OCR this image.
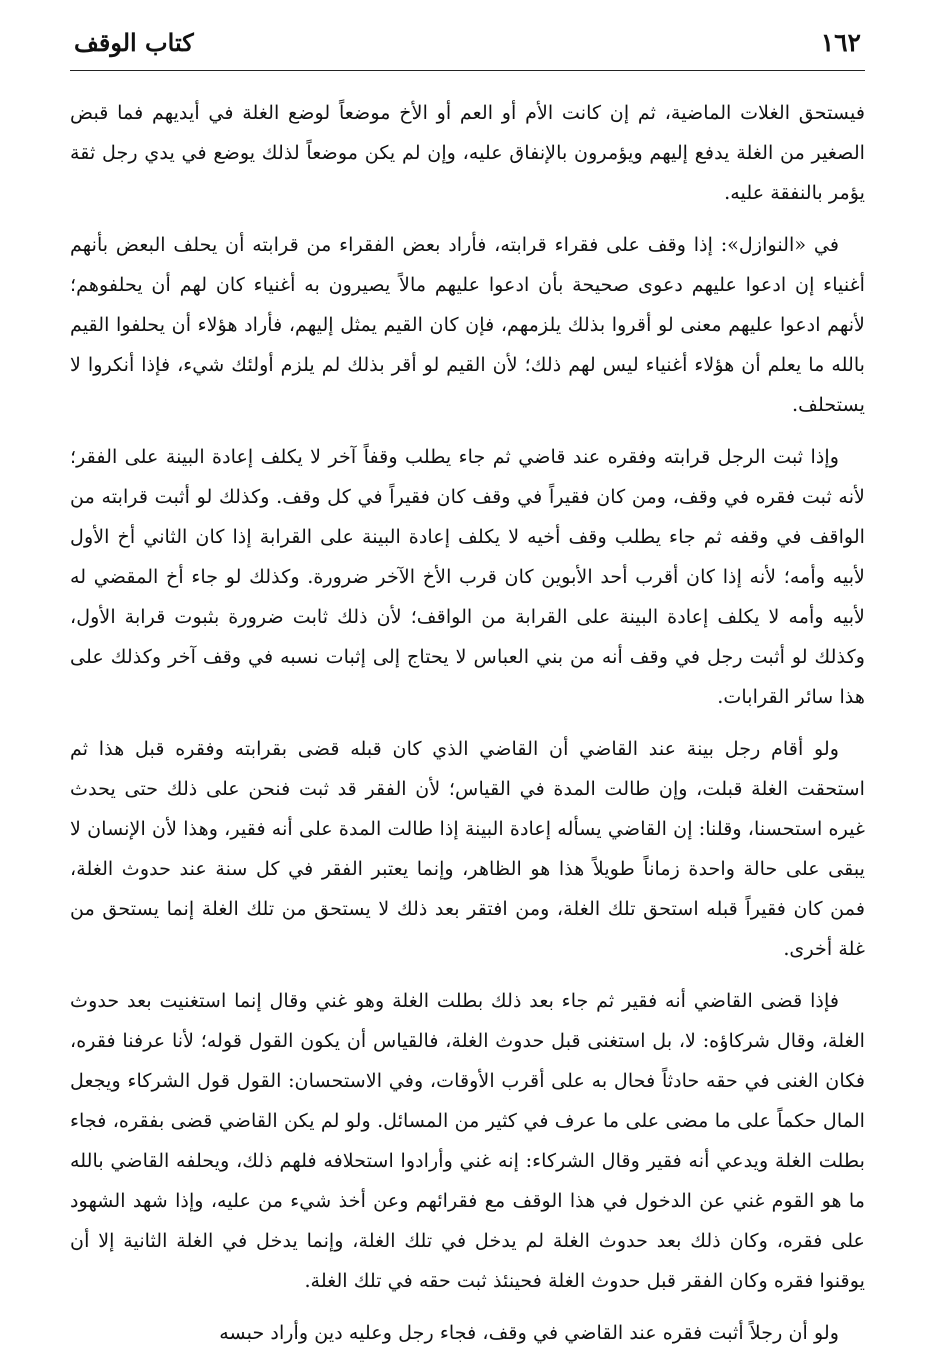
١٦٢
كتاب الوقف

فيستحق الغلات الماضية، ثم إن كانت الأم أو العم أو الأخ موضعاً لوضع الغلة في أيديهم فما قبض الصغير من الغلة يدفع إليهم ويؤمرون بالإنفاق عليه، وإن لم يكن موضعاً لذلك يوضع في يدي رجل ثقة يؤمر بالنفقة عليه.

في «النوازل»: إذا وقف على فقراء قرابته، فأراد بعض الفقراء من قرابته أن يحلف البعض بأنهم أغنياء إن ادعوا عليهم دعوى صحيحة بأن ادعوا عليهم مالاً يصيرون به أغنياء كان لهم أن يحلفوهم؛ لأنهم ادعوا عليهم معنى لو أقروا بذلك يلزمهم، فإن كان القيم يمثل إليهم، فأراد هؤلاء أن يحلفوا القيم بالله ما يعلم أن هؤلاء أغنياء ليس لهم ذلك؛ لأن القيم لو أقر بذلك لم يلزم أولئك شيء، فإذا أنكروا لا يستحلف.

وإذا ثبت الرجل قرابته وفقره عند قاضي ثم جاء يطلب وقفاً آخر لا يكلف إعادة البينة على الفقر؛ لأنه ثبت فقره في وقف، ومن كان فقيراً في وقف كان فقيراً في كل وقف. وكذلك لو أثبت قرابته من الواقف في وقفه ثم جاء يطلب وقف أخيه لا يكلف إعادة البينة على القرابة إذا كان الثاني أخ الأول لأبيه وأمه؛ لأنه إذا كان أقرب أحد الأبوين كان قرب الأخ الآخر ضرورة. وكذلك لو جاء أخ المقضي له لأبيه وأمه لا يكلف إعادة البينة على القرابة من الواقف؛ لأن ذلك ثابت ضرورة بثبوت قرابة الأول، وكذلك لو أثبت رجل في وقف أنه من بني العباس لا يحتاج إلى إثبات نسبه في وقف آخر وكذلك على هذا سائر القرابات.

ولو أقام رجل بينة عند القاضي أن القاضي الذي كان قبله قضى بقرابته وفقره قبل هذا ثم استحقت الغلة قبلت، وإن طالت المدة في القياس؛ لأن الفقر قد ثبت فنحن على ذلك حتى يحدث غيره استحسنا، وقلنا: إن القاضي يسأله إعادة البينة إذا طالت المدة على أنه فقير، وهذا لأن الإنسان لا يبقى على حالة واحدة زماناً طويلاً هذا هو الظاهر، وإنما يعتبر الفقر في كل سنة عند حدوث الغلة، فمن كان فقيراً قبله استحق تلك الغلة، ومن افتقر بعد ذلك لا يستحق من تلك الغلة إنما يستحق من غلة أخرى.

فإذا قضى القاضي أنه فقير ثم جاء بعد ذلك بطلت الغلة وهو غني وقال إنما استغنيت بعد حدوث الغلة، وقال شركاؤه: لا، بل استغنى قبل حدوث الغلة، فالقياس أن يكون القول قوله؛ لأنا عرفنا فقره، فكان الغنى في حقه حادثاً فحال به على أقرب الأوقات، وفي الاستحسان: القول قول الشركاء ويجعل المال حكماً على ما مضى على ما عرف في كثير من المسائل. ولو لم يكن القاضي قضى بفقره، فجاء بطلت الغلة ويدعي أنه فقير وقال الشركاء: إنه غني وأرادوا استحلافه فلهم ذلك، ويحلفه القاضي بالله ما هو القوم غني عن الدخول في هذا الوقف مع فقرائهم وعن أخذ شيء من عليه، وإذا شهد الشهود على فقره، وكان ذلك بعد حدوث الغلة لم يدخل في تلك الغلة، وإنما يدخل في الغلة الثانية إلا أن يوقنوا فقره وكان الفقر قبل حدوث الغلة فحينئذ ثبت حقه في تلك الغلة.

ولو أن رجلاً أثبت فقره عند القاضي في وقف، فجاء رجل وعليه دين وأراد حبسه
